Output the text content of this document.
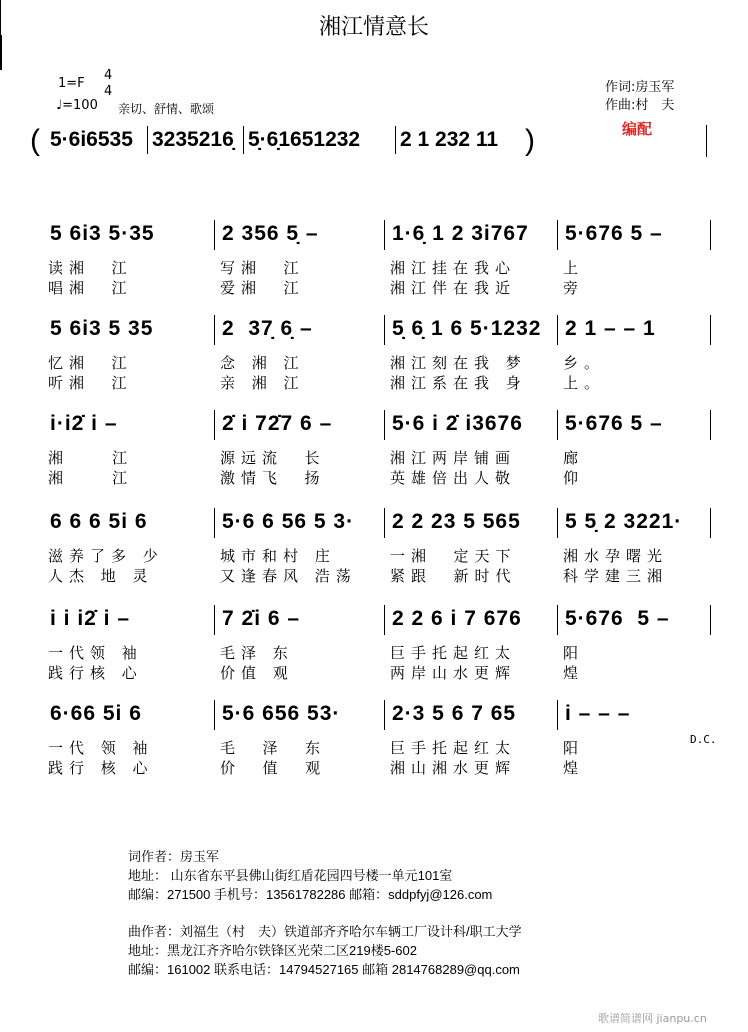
湘江情意长
1=F
4
4
♩=100 亲切、舒情、歌颂
作词:房玉军
作曲:村　夫
编配
( 5·6i6535 3235216̣ 5̣·6̣1651232 2 1 232 11 )
5 6i3 5·35
读湘  江
唱湘  江
2 356 5̣ –
写湘  江
爱湘  江
1·6̣ 1 2 3i767
湘江挂在我心
湘江伴在我近
5·676 5 –
上
旁
5 6i3 5 35
忆湘  江
听湘  江
2  37̣ 6̣ –
念 湘 江
亲 湘 江
5̣ 6̣ 1 6 5·1232
湘江刻在我 梦
湘江系在我 身
2 1 – – 1
乡。
上。
i·i2̇ i –
湘    江
湘    江
2̇ i 72̇7 6 –
源远流  长
激情飞  扬
5·6 i 2̇ i3676
湘江两岸铺画
英雄倍出人敬
5·676 5 –
廊
仰
6 6 6 5i 6
滋养了多 少
人杰 地 灵
5·6 6 56 5 3·
城市和村 庄
又逢春风 浩荡
2 2 23 5 565
一湘  定天下
紧跟  新时代
5 5̣ 2 3221·
湘水孕曙光
科学建三湘
i i i2̇ i –
一代领 袖
践行核 心
7 2̇i 6 –
毛泽 东
价值 观
2 2 6 i 7 676
巨手托起红太
两岸山水更辉
5·676  5 –
阳
煌
6·66 5i 6
一代 领 袖
践行 核 心
5·6 656 53·
毛  泽  东
价  值  观
2·3 5 6 7 65
巨手托起红太
湘山湘水更辉
i – – –
阳
煌
D.C.
词作者：房玉军
地址： 山东省东平县佛山街红盾花园四号楼一单元101室
邮编：271500 手机号：13561782286 邮箱：sddpfyj@126.com
曲作者：刘福生（村　夫）铁道部齐齐哈尔车辆工厂设计科/职工大学
地址：黑龙江齐齐哈尔铁锋区光荣二区219楼5-602
邮编：161002 联系电话：14794527165 邮箱 2814768289@qq.com
歌谱简谱网 jianpu.cn
